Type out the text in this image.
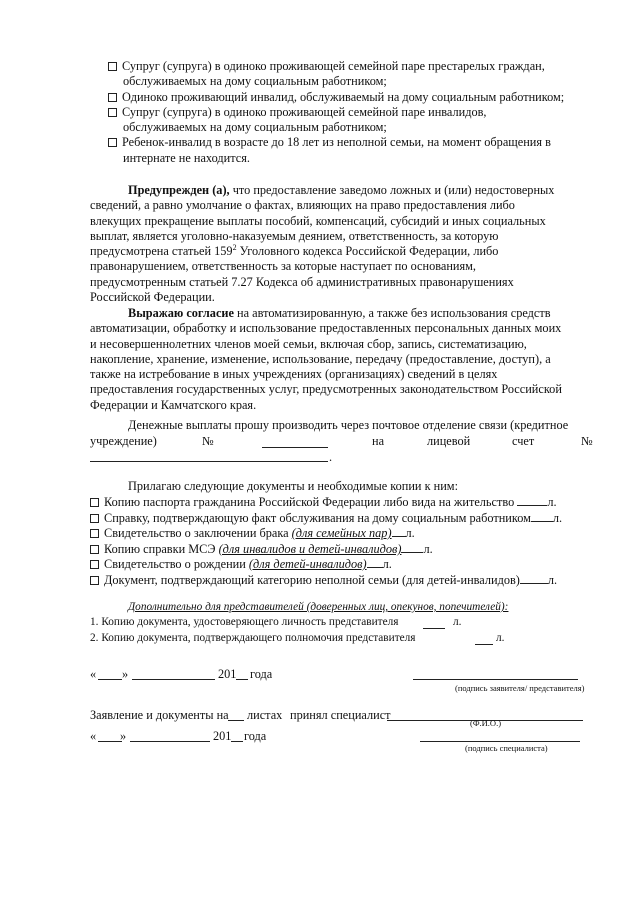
Супруг (супруга) в одиноко проживающей семейной паре престарелых граждан,
обслуживаемых на дому социальным работником;
Одиноко проживающий инвалид, обслуживаемый на дому социальным работником;
Супруг (супруга) в одиноко проживающей семейной паре инвалидов,
обслуживаемых на дому социальным работником;
Ребенок-инвалид в возрасте до 18 лет из неполной семьи, на момент обращения в
интернате не находится.
Предупрежден (а), что предоставление заведомо ложных и (или) недостоверных
сведений, а равно умолчание о фактах, влияющих на право предоставления либо
влекущих прекращение выплаты пособий, компенсаций, субсидий и иных социальных
выплат, является уголовно-наказуемым деянием, ответственность, за которую
предусмотрена статьей $159^2$ Уголовного кодекса Российской Федерации, либо
правонарушением, ответственность за которые наступает по основаниям,
предусмотренным статьей 7.27 Кодекса об административных правонарушениях
Российской Федерации.
Выражаю согласие на автоматизированную, а также без использования средств
автоматизации, обработку и использование предоставленных персональных данных моих
и несовершеннолетних членов моей семьи, включая сбор, запись, систематизацию,
накопление, хранение, изменение, использование, передачу (предоставление, доступ), а
также на истребование в иных учреждениях (организациях) сведений в целях
предоставления государственных услуг, предусмотренных законодательством Российской
Федерации и Камчатского края.
Денежные выплаты прошу производить через почтовое отделение связи (кредитное
учреждение)	№	на	лицевой	счет	№
.
Прилагаю следующие документы и необходимые копии к ним:
Копию паспорта гражданина Российской Федерации либо вида на жительство	л.
Справку, подтверждающую факт обслуживания на дому социальным работником л.
Свидетельство о заключении брака (для семейных пар) л.
Копию справки МСЭ (для инвалидов и детей-инвалидов) л.
Свидетельство о рождении (для детей-инвалидов) л.
Документ, подтверждающий категорию неполной семьи (для детей-инвалидов) л.
Дополнительно для представителей (доверенных лиц, опекунов, попечителей):
1. Копию документа, удостоверяющего личность представителя	л.
2. Копию документа, подтверждающего полномочия представителя	л.
« »	201 года
(подпись заявителя/ представителя)
Заявление и документы на листах принял специалист
(Ф.И.О.)
« »	201 года
(подпись специалиста)
